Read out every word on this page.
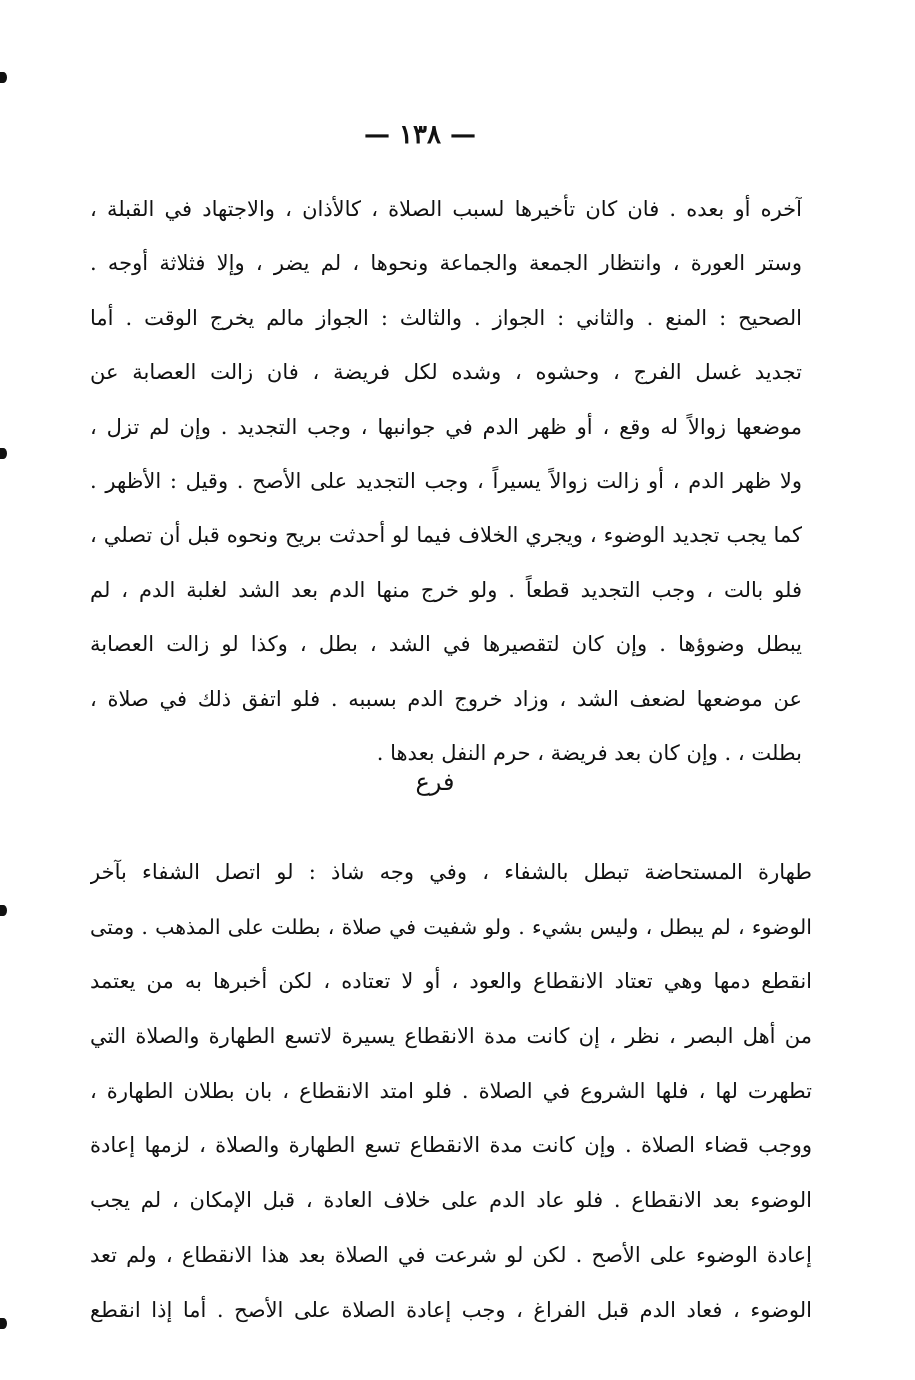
— ١٣٨ —
آخره أو بعده . فان كان تأخيرها لسبب الصلاة ، كالأذان ، والاجتهاد في القبلة ،
وستر العورة ، وانتظار الجمعة والجماعة ونحوها ، لم يضر ، وإلا فثلاثة أوجه .
الصحيح : المنع . والثاني : الجواز . والثالث : الجواز مالم يخرج الوقت . أما
تجديد غسل الفرج ، وحشوه ، وشده لكل فريضة ، فان زالت العصابة عن
موضعها زوالاً له وقع ، أو ظهر الدم في جوانبها ، وجب التجديد . وإن لم تزل ،
ولا ظهر الدم ، أو زالت زوالاً يسيراً ، وجب التجديد على الأصح . وقيل : الأظهر .
كما يجب تجديد الوضوء ، ويجري الخلاف فيما لو أحدثت بريح ونحوه قبل أن تصلي ،
فلو بالت ، وجب التجديد قطعاً . ولو خرج منها الدم بعد الشد لغلبة الدم ، لم
يبطل وضوؤها . وإن كان لتقصيرها في الشد ، بطل ، وكذا لو زالت العصابة
عن موضعها لضعف الشد ، وزاد خروج الدم بسببه . فلو اتفق ذلك في صلاة ،
بطلت ، . وإن كان بعد فريضة ، حرم النفل بعدها .
فرع
طهارة المستحاضة تبطل بالشفاء ، وفي وجه شاذ : لو اتصل الشفاء بآخر
الوضوء ، لم يبطل ، وليس بشيء . ولو شفيت في صلاة ، بطلت على المذهب . ومتى
انقطع دمها وهي تعتاد الانقطاع والعود ، أو لا تعتاده ، لكن أخبرها به من يعتمد
من أهل البصر ، نظر ، إن كانت مدة الانقطاع يسيرة لاتسع الطهارة والصلاة التي
تطهرت لها ، فلها الشروع في الصلاة . فلو امتد الانقطاع ، بان بطلان الطهارة ،
ووجب قضاء الصلاة . وإن كانت مدة الانقطاع تسع الطهارة والصلاة ، لزمها إعادة
الوضوء بعد الانقطاع . فلو عاد الدم على خلاف العادة ، قبل الإمكان ، لم يجب
إعادة الوضوء على الأصح . لكن لو شرعت في الصلاة بعد هذا الانقطاع ، ولم تعد
الوضوء ، فعاد الدم قبل الفراغ ، وجب إعادة الصلاة على الأصح . أما إذا انقطع
